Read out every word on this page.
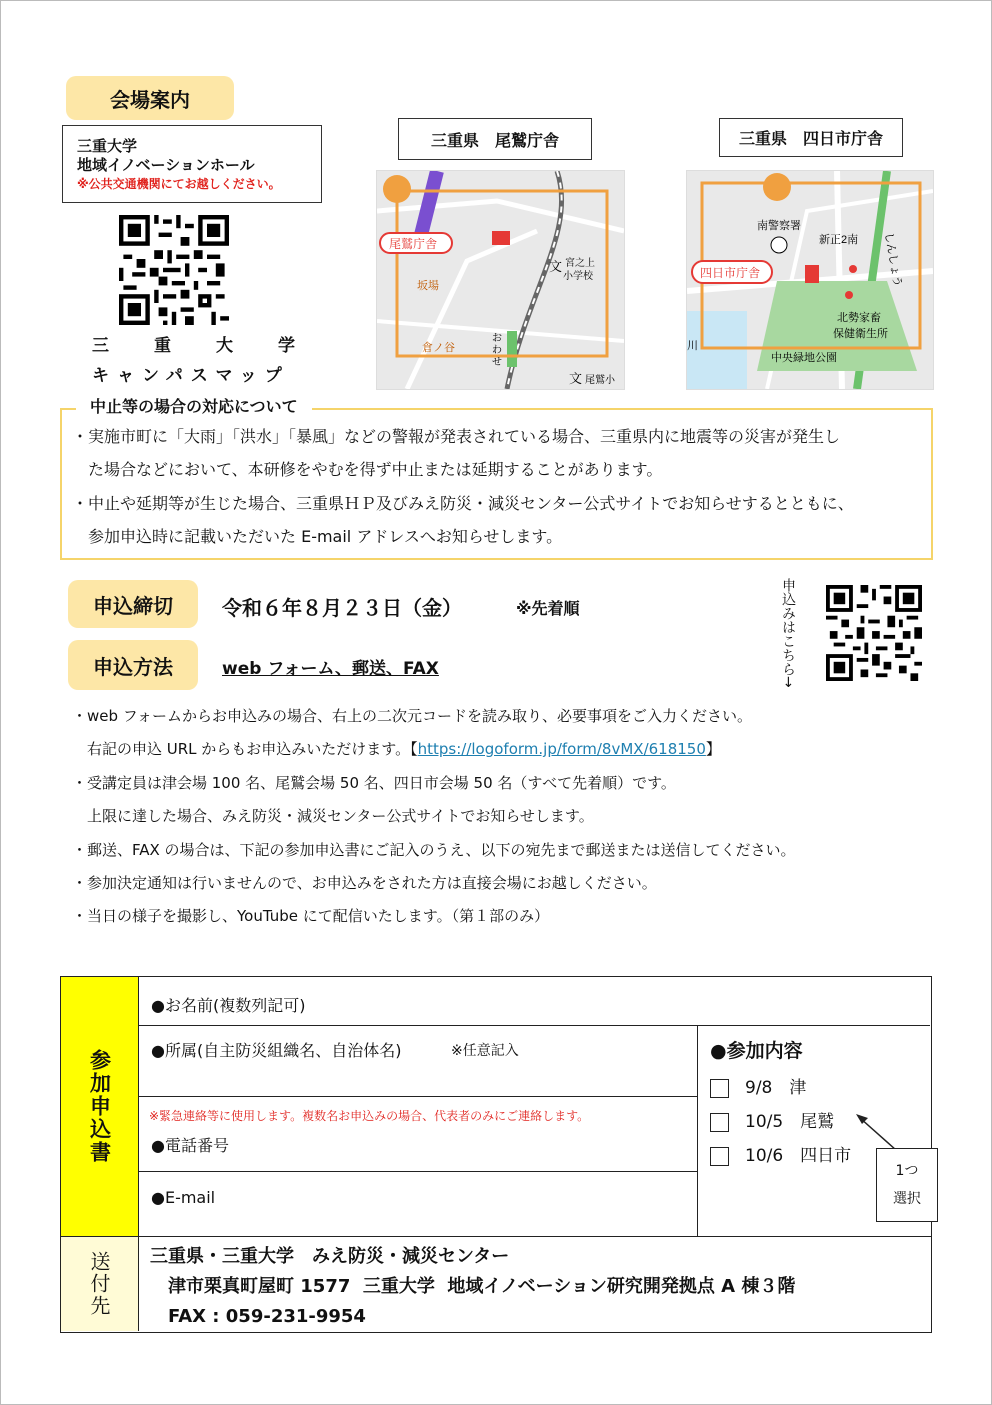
会場案内
三重大学
地域イノベーションホール
※公共交通機関にてお越しください。
三　重　大　学
キャンパスマップ
三重県　尾鷲庁舎
尾鷲庁舎
坂場
倉ノ谷
文 宮之上
小学校
文 尾鷲小
お
わ
せ
三重県　四日市庁舎
四日市庁舎
南警察署
新正2南 しんしょう
北勢家畜
保健衛生所
中央緑地公園
川
中止等の場合の対応について
・実施市町に「大雨」「洪水」「暴風」などの警報が発表されている場合、三重県内に地震等の災害が発生し
　た場合などにおいて、本研修をやむを得ず中止または延期することがあります。
・中止や延期等が生じた場合、三重県ＨＰ及びみえ防災・減災センター公式サイトでお知らせするとともに、
　参加申込時に記載いただいた E-mail アドレスへお知らせします。
申込締切	令和６年８月２３日（金）	※先着順
申込方法	web フォーム、郵送、FAX	申込みはこちら→
・web フォームからお申込みの場合、右上の二次元コードを読み取り、必要事項をご入力ください。
　右記の申込 URL からもお申込みいただけます。【https://logoform.jp/form/8vMX/618150】
・受講定員は津会場 100 名、尾鷲会場 50 名、四日市会場 50 名（すべて先着順）です。
　上限に達した場合、みえ防災・減災センター公式サイトでお知らせします。
・郵送、FAX の場合は、下記の参加申込書にご記入のうえ、以下の宛先まで郵送または送信してください。
・参加決定通知は行いませんので、お申込みをされた方は直接会場にお越しください。
・当日の様子を撮影し、YouTube にて配信いたします。（第１部のみ）
参加申込書
●お名前(複数列記可)
●所属(自主防災組織名、自治体名)	※任意記入
※緊急連絡等に使用します。複数名お申込みの場合、代表者のみにご連絡します。
●電話番号
●E-mail
●参加内容
9/8　津
10/5　尾鷲
10/6　四日市
1つ
選択
送付先 三重県・三重大学　みえ防災・減災センター
　津市栗真町屋町 1577  三重大学  地域イノベーション研究開発拠点 A 棟３階
　FAX : 059-231-9954
